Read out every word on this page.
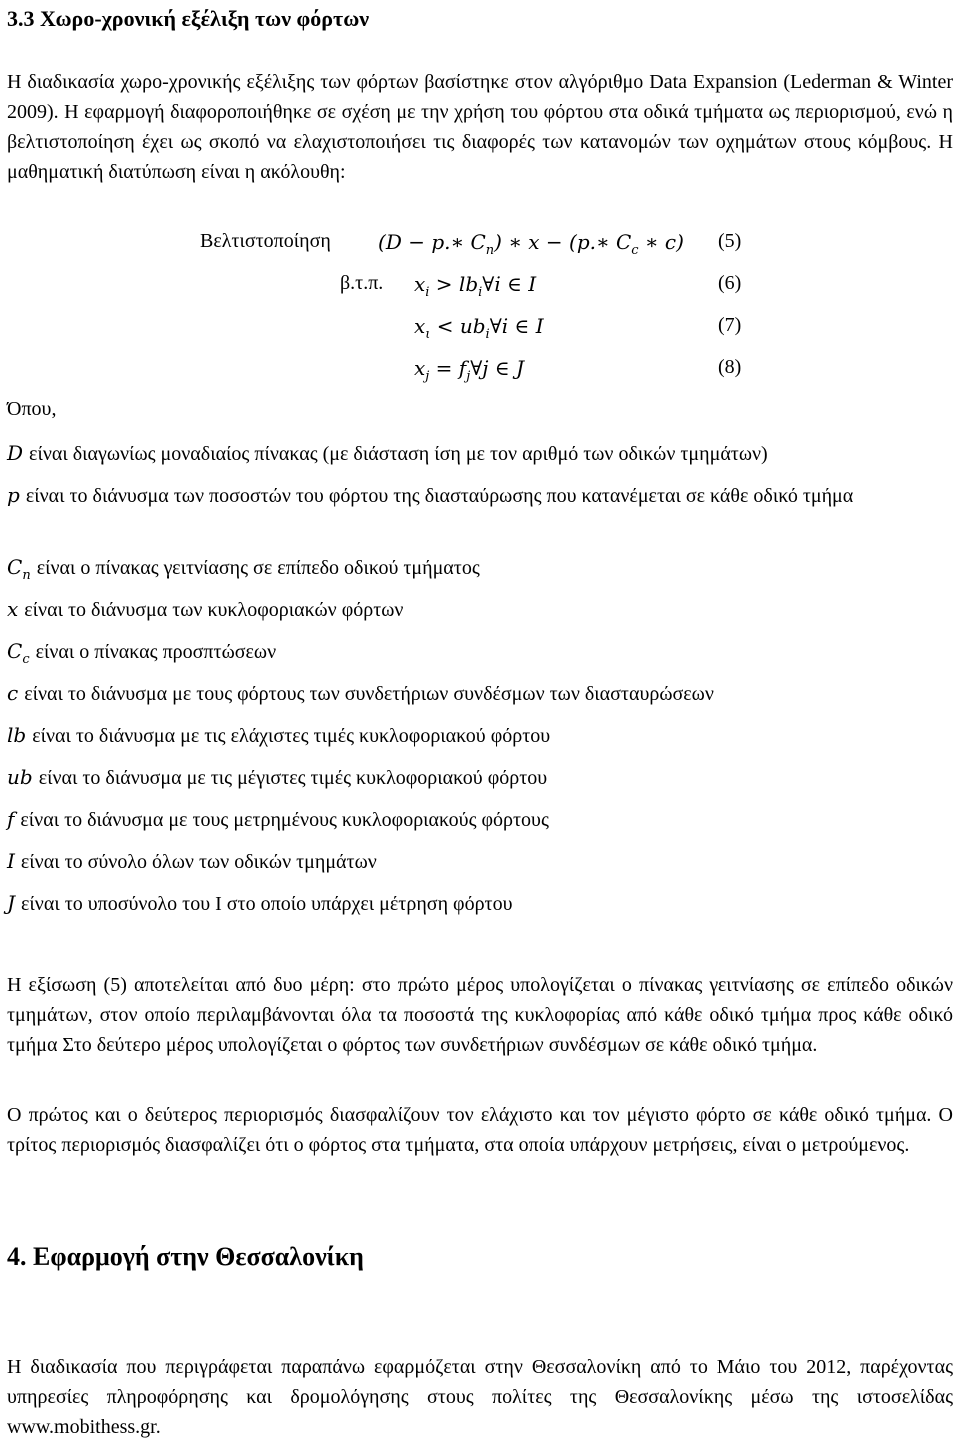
3.3 Χωρο-χρονική εξέλιξη των φόρτων
Η διαδικασία χωρο-χρονικής εξέλιξης των φόρτων βασίστηκε στον αλγόριθμο Data Expansion (Lederman & Winter 2009). Η εφαρμογή διαφοροποιήθηκε σε σχέση με την χρήση του φόρτου στα οδικά τμήματα ως περιορισμού, ενώ η βελτιστοποίηση έχει ως σκοπό να ελαχιστοποιήσει τις διαφορές των κατανομών των οχημάτων στους κόμβους. Η μαθηματική διατύπωση είναι η ακόλουθη:
Βελτιστοποίηση (D − p.∗ $C_n$) ∗ x − (p.∗ $C_c$ ∗ c) (5)
β.τ.π. $x_i$ > $lb_i\forall i$ ∈ I	(6)
$x_\iota$ < $ub_i\forall i$ ∈ I	(7)
$x_j$ = $f_j\forall j$ ∈ J	(8)
Όπου,
D είναι διαγωνίως μοναδιαίος πίνακας (με διάσταση ίση με τον αριθμό των οδικών τμημάτων)
p είναι το διάνυσμα των ποσοστών του φόρτου της διασταύρωσης που κατανέμεται σε κάθε οδικό τμήμα
$C_n$ είναι ο πίνακας γειτνίασης σε επίπεδο οδικού τμήματος
x είναι το διάνυσμα των κυκλοφοριακών φόρτων
$C_c$ είναι ο πίνακας προσπτώσεων
c είναι το διάνυσμα με τους φόρτους των συνδετήριων συνδέσμων των διασταυρώσεων
lb είναι το διάνυσμα με τις ελάχιστες τιμές κυκλοφοριακού φόρτου
ub είναι το διάνυσμα με τις μέγιστες τιμές κυκλοφοριακού φόρτου
f είναι το διάνυσμα με τους μετρημένους κυκλοφοριακούς φόρτους
I είναι το σύνολο όλων των οδικών τμημάτων
J είναι το υποσύνολο του I στο οποίο υπάρχει μέτρηση φόρτου
Η εξίσωση (5) αποτελείται από δυο μέρη: στο πρώτο μέρος υπολογίζεται ο πίνακας γειτνίασης σε επίπεδο οδικών τμημάτων, στον οποίο περιλαμβάνονται όλα τα ποσοστά της κυκλοφορίας από κάθε οδικό τμήμα προς κάθε οδικό τμήμα Στο δεύτερο μέρος υπολογίζεται ο φόρτος των συνδετήριων συνδέσμων σε κάθε οδικό τμήμα.
Ο πρώτος και ο δεύτερος περιορισμός διασφαλίζουν τον ελάχιστο και τον μέγιστο φόρτο σε κάθε οδικό τμήμα. Ο τρίτος περιορισμός διασφαλίζει ότι ο φόρτος στα τμήματα, στα οποία υπάρχουν μετρήσεις, είναι ο μετρούμενος.
4. Εφαρμογή στην Θεσσαλονίκη
Η διαδικασία που περιγράφεται παραπάνω εφαρμόζεται στην Θεσσαλονίκη από το Μάιο του 2012, παρέχοντας υπηρεσίες πληροφόρησης και δρομολόγησης στους πολίτες της Θεσσαλονίκης μέσω της ιστοσελίδας www.mobithess.gr.
